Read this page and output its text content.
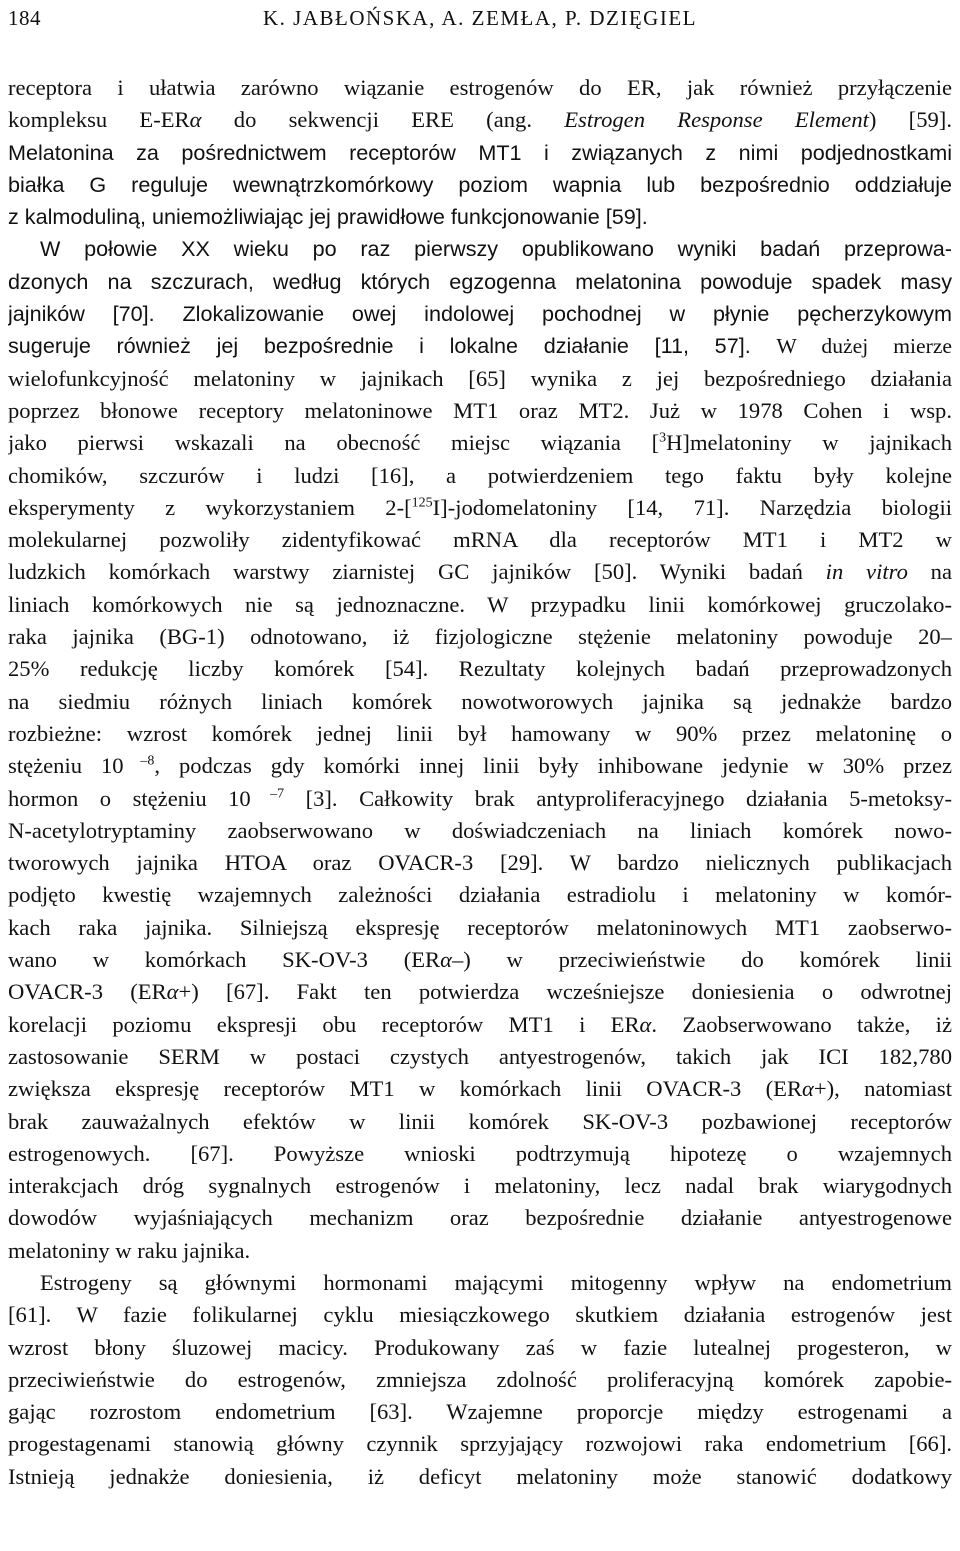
184	K. JABŁOŃSKA, A. ZEMŁA, P. DZIĘGIEL
receptora i ułatwia zarówno wiązanie estrogenów do ER, jak również przyłączenie
kompleksu E-ERα do sekwencji ERE (ang. Estrogen Response Element) [59].
Melatonina za pośrednictwem receptorów MT1 i związanych z nimi podjednostkami
białka G reguluje wewnątrzkomórkowy poziom wapnia lub bezpośrednio oddziałuje
z kalmoduliną, uniemożliwiając jej prawidłowe funkcjonowanie [59].
W połowie XX wieku po raz pierwszy opublikowano wyniki badań przeprowa-
dzonych na szczurach, według których egzogenna melatonina powoduje spadek masy
jajników [70]. Zlokalizowanie owej indolowej pochodnej w płynie pęcherzykowym
sugeruje również jej bezpośrednie i lokalne działanie [11, 57]. W dużej mierze
wielofunkcyjność melatoniny w jajnikach [65] wynika z jej bezpośredniego działania
poprzez błonowe receptory melatoninowe MT1 oraz MT2. Już w 1978 Cohen i wsp.
jako pierwsi wskazali na obecność miejsc wiązania [$^3$H]melatoniny w jajnikach
chomików, szczurów i ludzi [16], a potwierdzeniem tego faktu były kolejne
eksperymenty z wykorzystaniem 2-[$^{125}$I]-jodomelatoniny [14, 71]. Narzędzia biologii
molekularnej pozwoliły zidentyfikować mRNA dla receptorów MT1 i MT2 w
ludzkich komórkach warstwy ziarnistej GC jajników [50]. Wyniki badań in vitro na
liniach komórkowych nie są jednoznaczne. W przypadku linii komórkowej gruczolako-
raka jajnika (BG-1) odnotowano, iż fizjologiczne stężenie melatoniny powoduje 20–
25% redukcję liczby komórek [54]. Rezultaty kolejnych badań przeprowadzonych
na siedmiu różnych liniach komórek nowotworowych jajnika są jednakże bardzo
rozbieżne: wzrost komórek jednej linii był hamowany w 90% przez melatoninę o
stężeniu 10 $^{-8}$, podczas gdy komórki innej linii były inhibowane jedynie w 30% przez
hormon o stężeniu 10 $^{-7}$ [3]. Całkowity brak antyproliferacyjnego działania 5-metoksy-
N-acetylotryptaminy zaobserwowano w doświadczeniach na liniach komórek nowo-
tworowych jajnika HTOA oraz OVACR-3 [29]. W bardzo nielicznych publikacjach
podjęto kwestię wzajemnych zależności działania estradiolu i melatoniny w komór-
kach raka jajnika. Silniejszą ekspresję receptorów melatoninowych MT1 zaobserwo-
wano w komórkach SK-OV-3 (ERα–) w przeciwieństwie do komórek linii
OVACR-3 (ERα+) [67]. Fakt ten potwierdza wcześniejsze doniesienia o odwrotnej
korelacji poziomu ekspresji obu receptorów MT1 i ERα. Zaobserwowano także, iż
zastosowanie SERM w postaci czystych antyestrogenów, takich jak ICI 182,780
zwiększa ekspresję receptorów MT1 w komórkach linii OVACR-3 (ERα+), natomiast
brak zauważalnych efektów w linii komórek SK-OV-3 pozbawionej receptorów
estrogenowych. [67]. Powyższe wnioski podtrzymują hipotezę o wzajemnych
interakcjach dróg sygnalnych estrogenów i melatoniny, lecz nadal brak wiarygodnych
dowodów wyjaśniających mechanizm oraz bezpośrednie działanie antyestrogenowe
melatoniny w raku jajnika.
Estrogeny są głównymi hormonami mającymi mitogenny wpływ na endometrium
[61]. W fazie folikularnej cyklu miesiączkowego skutkiem działania estrogenów jest
wzrost błony śluzowej macicy. Produkowany zaś w fazie lutealnej progesteron, w
przeciwieństwie do estrogenów, zmniejsza zdolność proliferacyjną komórek zapobie-
gając rozrostom endometrium [63]. Wzajemne proporcje między estrogenami a
progestagenami stanowią główny czynnik sprzyjający rozwojowi raka endometrium [66].
Istnieją jednakże doniesienia, iż deficyt melatoniny może stanowić dodatkowy
